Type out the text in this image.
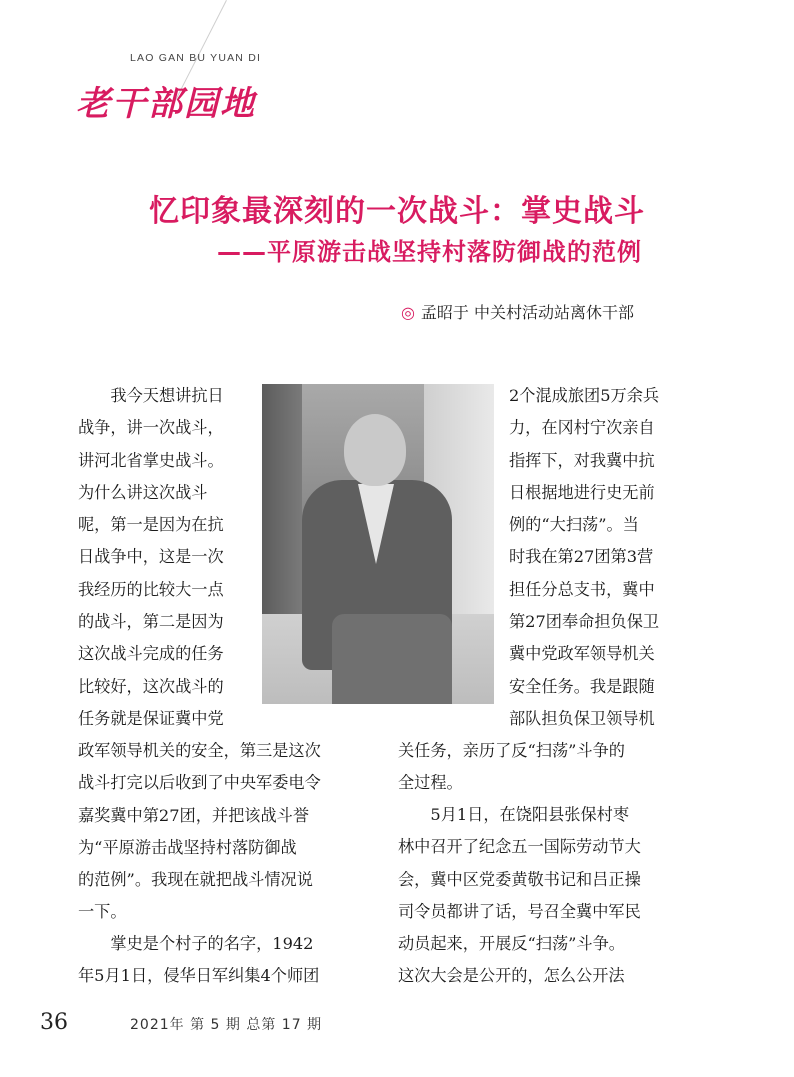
LAO GAN BU YUAN DI
老干部园地
忆印象最深刻的一次战斗：掌史战斗
——平原游击战坚持村落防御战的范例
◎ 孟昭于 中关村活动站离休干部
我今天想讲抗日
战争，讲一次战斗，
讲河北省掌史战斗。
为什么讲这次战斗
呢，第一是因为在抗
日战争中，这是一次
我经历的比较大一点
的战斗，第二是因为
这次战斗完成的任务
比较好，这次战斗的
任务就是保证冀中党
政军领导机关的安全，第三是这次
战斗打完以后收到了中央军委电令
嘉奖冀中第27团，并把该战斗誉
为“平原游击战坚持村落防御战
的范例”。我现在就把战斗情况说
一下。
掌史是个村子的名字，1942
年5月1日，侵华日军纠集4个师团
2个混成旅团5万余兵
力，在冈村宁次亲自
指挥下，对我冀中抗
日根据地进行史无前
例的“大扫荡”。当
时我在第27团第3营
担任分总支书，冀中
第27团奉命担负保卫
冀中党政军领导机关
安全任务。我是跟随
部队担负保卫领导机
关任务，亲历了反“扫荡”斗争的
全过程。
5月1日，在饶阳县张保村枣
林中召开了纪念五一国际劳动节大
会，冀中区党委黄敬书记和吕正操
司令员都讲了话，号召全冀中军民
动员起来，开展反“扫荡”斗争。
这次大会是公开的，怎么公开法
36	2021年 第 5 期 总第 17 期
